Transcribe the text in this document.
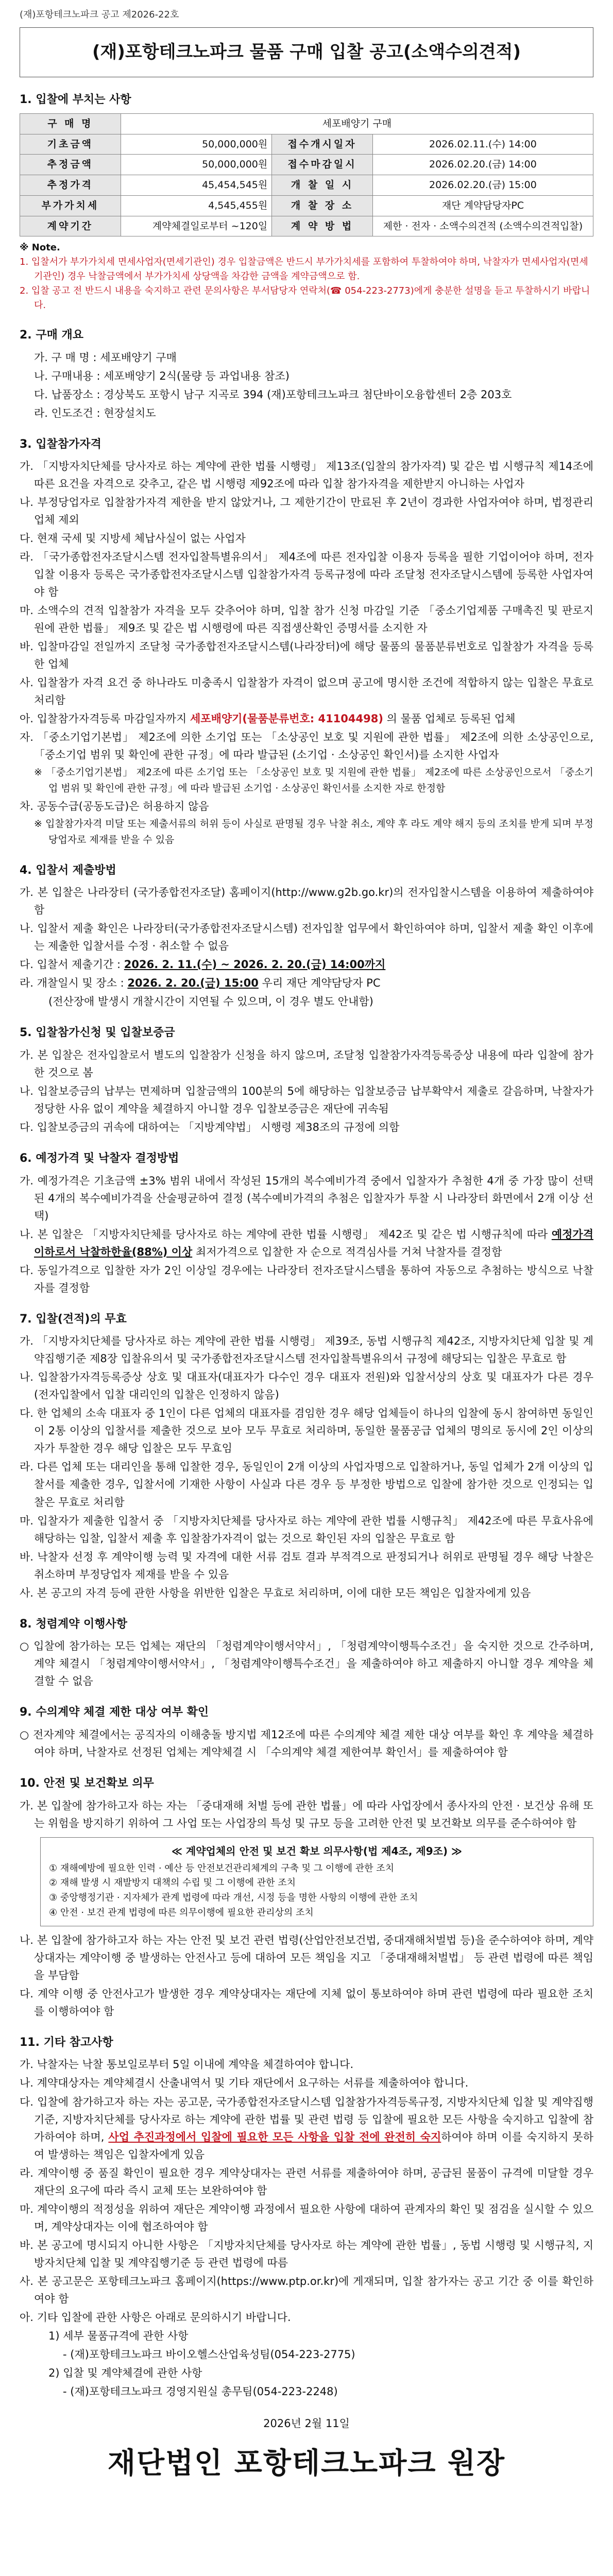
(재)포항테크노파크 공고 제2026-22호
(재)포항테크노파크 물품 구매 입찰 공고(소액수의견적)
1. 입찰에 부치는 사항
구 매 명	세포배양기 구매		
기초금액	50,000,000원	접수개시일자	2026.02.11.(수) 14:00
추정금액	50,000,000원	접수마감일시	2026.02.20.(금) 14:00
추정가격	45,454,545원	개 찰 일 시	2026.02.20.(금) 15:00
부가가치세	4,545,455원	개 찰 장 소	재단 계약담당자PC
계약기간	계약체결일로부터 ~120일	계 약 방 법	제한 · 전자 · 소액수의견적 (소액수의견적입찰)
※ Note.
1. 입찰서가 부가가치세 면세사업자(면세기관인) 경우 입찰금액은 반드시 부가가치세를 포함하여 투찰하여야 하며, 낙찰자가 면세사업자(면세기관인) 경우 낙찰금액에서 부가가치세 상당액을 차감한 금액을 계약금액으로 함.
2. 입찰 공고 전 반드시 내용을 숙지하고 관련 문의사항은 부서담당자 연락처(☎ 054-223-2773)에게 충분한 설명을 듣고 투찰하시기 바랍니다.
2. 구매 개요
가. 구 매 명 : 세포배양기 구매
나. 구매내용 : 세포배양기 2식(물량 등 과업내용 참조)
다. 납품장소 : 경상북도 포항시 남구 지곡로 394 (재)포항테크노파크 첨단바이오융합센터 2층 203호
라. 인도조건 : 현장설치도
3. 입찰참가자격
가. 「지방자치단체를 당사자로 하는 계약에 관한 법률 시행령」 제13조(입찰의 참가자격) 및 같은 법 시행규칙 제14조에 따른 요건을 자격으로 갖추고, 같은 법 시행령 제92조에 따라 입찰 참가자격을 제한받지 아니하는 사업자
나. 부정당업자로 입찰참가자격 제한을 받지 않았거나, 그 제한기간이 만료된 후 2년이 경과한 사업자여야 하며, 법정관리업체 제외
다. 현재 국세 및 지방세 체납사실이 없는 사업자
라. 「국가종합전자조달시스템 전자입찰특별유의서」 제4조에 따른 전자입찰 이용자 등록을 필한 기업이어야 하며, 전자입찰 이용자 등록은 국가종합전자조달시스템 입찰참가자격 등록규정에 따라 조달청 전자조달시스템에 등록한 사업자여야 함
마. 소액수의 견적 입찰참가 자격을 모두 갖추어야 하며, 입찰 참가 신청 마감일 기준 「중소기업제품 구매촉진 및 판로지원에 관한 법률」 제9조 및 같은 법 시행령에 따른 직접생산확인 증명서를 소지한 자
바. 입찰마감일 전일까지 조달청 국가종합전자조달시스템(나라장터)에 해당 물품의 물품분류번호로 입찰참가 자격을 등록한 업체
사. 입찰참가 자격 요건 중 하나라도 미충족시 입찰참가 자격이 없으며 공고에 명시한 조건에 적합하지 않는 입찰은 무효로 처리함
아. 입찰참가자격등록 마감일자까지 세포배양기(물품분류번호: 41104498) 의 물품 업체로 등록된 업체
자. 「중소기업기본법」 제2조에 의한 소기업 또는 「소상공인 보호 및 지원에 관한 법률」 제2조에 의한 소상공인으로, 「중소기업 범위 및 확인에 관한 규정」에 따라 발급된 (소기업 · 소상공인 확인서)를 소지한 사업자
※ 「중소기업기본법」 제2조에 따른 소기업 또는 「소상공인 보호 및 지원에 관한 법률」 제2조에 따른 소상공인으로서 「중소기업 범위 및 확인에 관한 규정」에 따라 발급된 소기업 · 소상공인 확인서를 소지한 자로 한정함
차. 공동수급(공동도급)은 허용하지 않음
※ 입찰참가자격 미달 또는 제출서류의 허위 등이 사실로 판명될 경우 낙찰 취소, 계약 후 라도 계약 해지 등의 조치를 받게 되며 부정당업자로 제재를 받을 수 있음
4. 입찰서 제출방법
가. 본 입찰은 나라장터 (국가종합전자조달) 홈페이지(http://www.g2b.go.kr)의 전자입찰시스템을 이용하여 제출하여야 함
나. 입찰서 제출 확인은 나라장터(국가종합전자조달시스템) 전자입찰 업무에서 확인하여야 하며, 입찰서 제출 확인 이후에는 제출한 입찰서를 수정 · 취소할 수 없음
다. 입찰서 제출기간 : 2026. 2. 11.(수) ~ 2026. 2. 20.(금) 14:00까지
라. 개찰일시 및 장소 : 2026. 2. 20.(금) 15:00 우리 재단 계약담당자 PC
(전산장애 발생시 개찰시간이 지연될 수 있으며, 이 경우 별도 안내함)
5. 입찰참가신청 및 입찰보증금
가. 본 입찰은 전자입찰로서 별도의 입찰참가 신청을 하지 않으며, 조달청 입찰참가자격등록증상 내용에 따라 입찰에 참가한 것으로 봄
나. 입찰보증금의 납부는 면제하며 입찰금액의 100분의 5에 해당하는 입찰보증금 납부확약서 제출로 갈음하며, 낙찰자가 정당한 사유 없이 계약을 체결하지 아니할 경우 입찰보증금은 재단에 귀속됨
다. 입찰보증금의 귀속에 대하여는 「지방계약법」 시행령 제38조의 규정에 의함
6. 예정가격 및 낙찰자 결정방법
가. 예정가격은 기초금액 ±3% 범위 내에서 작성된 15개의 복수예비가격 중에서 입찰자가 추첨한 4개 중 가장 많이 선택된 4개의 복수예비가격을 산술평균하여 결정 (복수예비가격의 추첨은 입찰자가 투찰 시 나라장터 화면에서 2개 이상 선택)
나. 본 입찰은 「지방자치단체를 당사자로 하는 계약에 관한 법률 시행령」 제42조 및 같은 법 시행규칙에 따라 예정가격 이하로서 낙찰하한율(88%) 이상 최저가격으로 입찰한 자 순으로 적격심사를 거쳐 낙찰자를 결정함
다. 동일가격으로 입찰한 자가 2인 이상일 경우에는 나라장터 전자조달시스템을 통하여 자동으로 추첨하는 방식으로 낙찰자를 결정함
7. 입찰(견적)의 무효
가. 「지방자치단체를 당사자로 하는 계약에 관한 법률 시행령」 제39조, 동법 시행규칙 제42조, 지방자치단체 입찰 및 계약집행기준 제8장 입찰유의서 및 국가종합전자조달시스템 전자입찰특별유의서 규정에 해당되는 입찰은 무효로 함
나. 입찰참가자격등록증상 상호 및 대표자(대표자가 다수인 경우 대표자 전원)와 입찰서상의 상호 및 대표자가 다른 경우 (전자입찰에서 입찰 대리인의 입찰은 인정하지 않음)
다. 한 업체의 소속 대표자 중 1인이 다른 업체의 대표자를 겸임한 경우 해당 업체들이 하나의 입찰에 동시 참여하면 동일인이 2통 이상의 입찰서를 제출한 것으로 보아 모두 무효로 처리하며, 동일한 물품공급 업체의 명의로 동시에 2인 이상의 자가 투찰한 경우 해당 입찰은 모두 무효임
라. 다른 업체 또는 대리인을 통해 입찰한 경우, 동일인이 2개 이상의 사업자명으로 입찰하거나, 동일 업체가 2개 이상의 입찰서를 제출한 경우, 입찰서에 기재한 사항이 사실과 다른 경우 등 부정한 방법으로 입찰에 참가한 것으로 인정되는 입찰은 무효로 처리함
마. 입찰자가 제출한 입찰서 중 「지방자치단체를 당사자로 하는 계약에 관한 법률 시행규칙」 제42조에 따른 무효사유에 해당하는 입찰, 입찰서 제출 후 입찰참가자격이 없는 것으로 확인된 자의 입찰은 무효로 함
바. 낙찰자 선정 후 계약이행 능력 및 자격에 대한 서류 검토 결과 부적격으로 판정되거나 허위로 판명될 경우 해당 낙찰은 취소하며 부정당업자 제재를 받을 수 있음
사. 본 공고의 자격 등에 관한 사항을 위반한 입찰은 무효로 처리하며, 이에 대한 모든 책임은 입찰자에게 있음
8. 청렴계약 이행사항
○ 입찰에 참가하는 모든 업체는 재단의 「청렴계약이행서약서」, 「청렴계약이행특수조건」을 숙지한 것으로 간주하며, 계약 체결시 「청렴계약이행서약서」, 「청렴계약이행특수조건」을 제출하여야 하고 제출하지 아니할 경우 계약을 체결할 수 없음
9. 수의계약 체결 제한 대상 여부 확인
○ 전자계약 체결에서는 공직자의 이해충돌 방지법 제12조에 따른 수의계약 체결 제한 대상 여부를 확인 후 계약을 체결하여야 하며, 낙찰자로 선정된 업체는 계약체결 시 「수의계약 체결 제한여부 확인서」를 제출하여야 함
10. 안전 및 보건확보 의무
가. 본 입찰에 참가하고자 하는 자는 「중대재해 처벌 등에 관한 법률」에 따라 사업장에서 종사자의 안전 · 보건상 유해 또는 위험을 방지하기 위하여 그 사업 또는 사업장의 특성 및 규모 등을 고려한 안전 및 보건확보 의무를 준수하여야 함
≪ 계약업체의 안전 및 보건 확보 의무사항(법 제4조, 제9조) ≫
① 재해예방에 필요한 인력 · 예산 등 안전보건관리체계의 구축 및 그 이행에 관한 조치
② 재해 발생 시 재발방지 대책의 수립 및 그 이행에 관한 조치
③ 중앙행정기관 · 지자체가 관계 법령에 따라 개선, 시정 등을 명한 사항의 이행에 관한 조치
④ 안전 · 보건 관계 법령에 따른 의무이행에 필요한 관리상의 조치
나. 본 입찰에 참가하고자 하는 자는 안전 및 보건 관련 법령(산업안전보건법, 중대재해처벌법 등)을 준수하여야 하며, 계약상대자는 계약이행 중 발생하는 안전사고 등에 대하여 모든 책임을 지고 「중대재해처벌법」 등 관련 법령에 따른 책임을 부담함
다. 계약 이행 중 안전사고가 발생한 경우 계약상대자는 재단에 지체 없이 통보하여야 하며 관련 법령에 따라 필요한 조치를 이행하여야 함
11. 기타 참고사항
가. 낙찰자는 낙찰 통보일로부터 5일 이내에 계약을 체결하여야 합니다.
나. 계약대상자는 계약체결시 산출내역서 및 기타 재단에서 요구하는 서류를 제출하여야 합니다.
다. 입찰에 참가하고자 하는 자는 공고문, 국가종합전자조달시스템 입찰참가자격등록규정, 지방자치단체 입찰 및 계약집행기준, 지방자치단체를 당사자로 하는 계약에 관한 법률 및 관련 법령 등 입찰에 필요한 모든 사항을 숙지하고 입찰에 참가하여야 하며, 사업 추진과정에서 입찰에 필요한 모든 사항을 입찰 전에 완전히 숙지하여야 하며 이를 숙지하지 못하여 발생하는 책임은 입찰자에게 있음
라. 계약이행 중 품질 확인이 필요한 경우 계약상대자는 관련 서류를 제출하여야 하며, 공급된 물품이 규격에 미달할 경우 재단의 요구에 따라 즉시 교체 또는 보완하여야 함
마. 계약이행의 적정성을 위하여 재단은 계약이행 과정에서 필요한 사항에 대하여 관계자의 확인 및 점검을 실시할 수 있으며, 계약상대자는 이에 협조하여야 함
바. 본 공고에 명시되지 아니한 사항은 「지방자치단체를 당사자로 하는 계약에 관한 법률」, 동법 시행령 및 시행규칙, 지방자치단체 입찰 및 계약집행기준 등 관련 법령에 따름
사. 본 공고문은 포항테크노파크 홈페이지(https://www.ptp.or.kr)에 게재되며, 입찰 참가자는 공고 기간 중 이를 확인하여야 함
아. 기타 입찰에 관한 사항은 아래로 문의하시기 바랍니다.
1) 세부 물품규격에 관한 사항
- (재)포항테크노파크 바이오헬스산업육성팀(054-223-2775)
2) 입찰 및 계약체결에 관한 사항
- (재)포항테크노파크 경영지원실 총무팀(054-223-2248)
2026년 2월 11일
재단법인 포항테크노파크 원장
